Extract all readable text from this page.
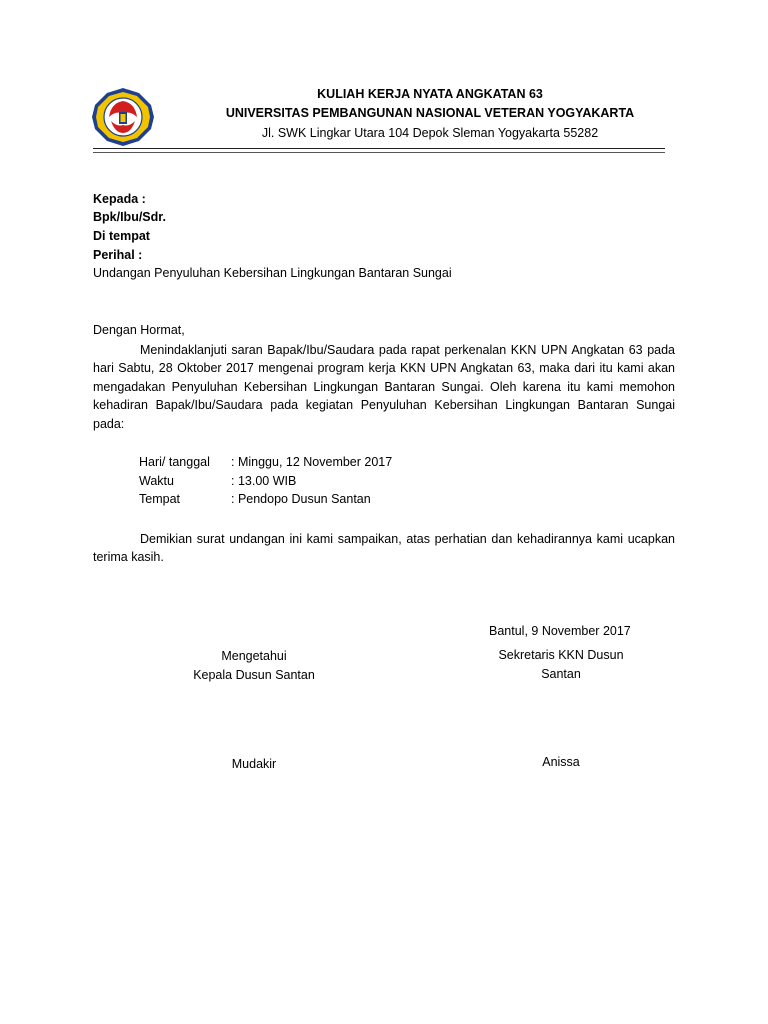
KULIAH KERJA NYATA ANGKATAN 63
UNIVERSITAS PEMBANGUNAN NASIONAL VETERAN YOGYAKARTA
Jl. SWK Lingkar Utara 104 Depok Sleman Yogyakarta 55282
Kepada :
Bpk/Ibu/Sdr.
Di tempat
Perihal :
Undangan Penyuluhan Kebersihan Lingkungan Bantaran Sungai
Dengan Hormat,

Menindaklanjuti saran Bapak/Ibu/Saudara pada rapat perkenalan KKN UPN Angkatan 63 pada hari Sabtu, 28 Oktober 2017 mengenai program kerja KKN UPN Angkatan 63, maka dari itu kami akan mengadakan Penyuluhan Kebersihan Lingkungan Bantaran Sungai. Oleh karena itu kami memohon kehadiran Bapak/Ibu/Saudara pada kegiatan Penyuluhan Kebersihan Lingkungan Bantaran Sungai pada:

Hari/ tanggal : Minggu, 12 November 2017
Waktu	: 13.00 WIB
Tempat	: Pendopo Dusun Santan

Demikian surat undangan ini kami sampaikan, atas perhatian dan kehadirannya kami ucapkan terima kasih.

Bantul, 9 November 2017
Mengetahui
Kepala Dusun Santan
Mudakir
Sekretaris KKN Dusun
Santan
Anissa
